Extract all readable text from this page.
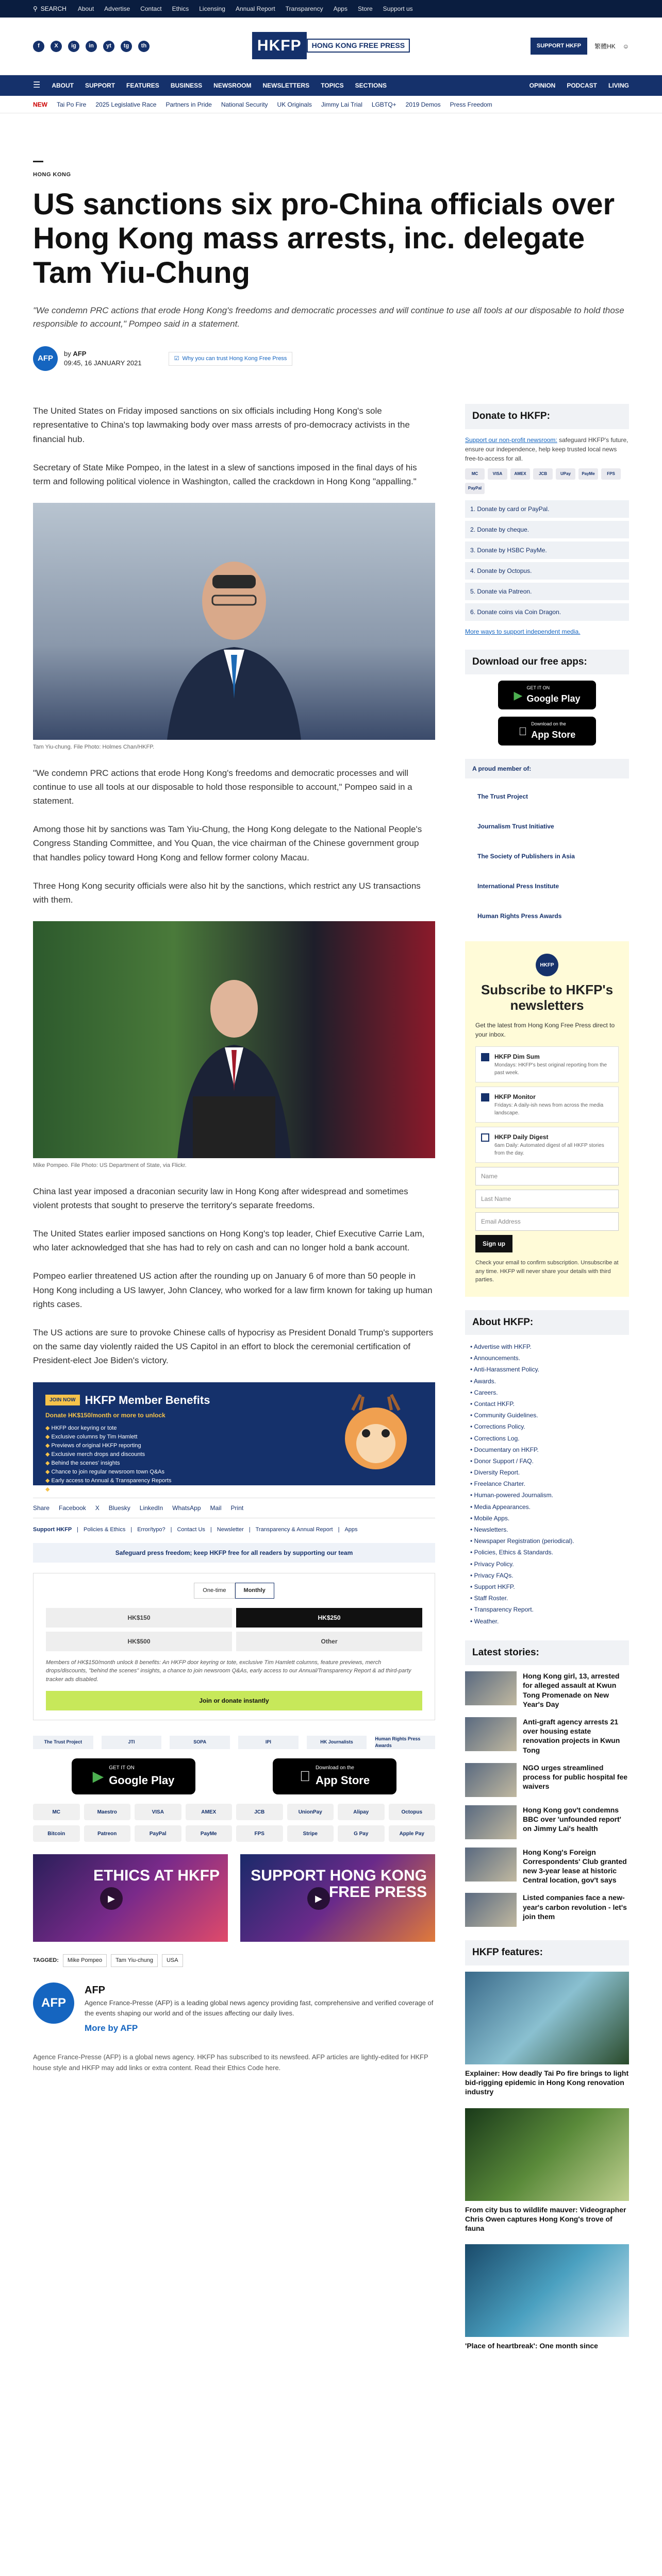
⚲ SEARCH About Advertise Contact Ethics Licensing Annual Report Transparency Apps Store Support us
f	X	ig	in	yt	tg	th	HKFP	HONG KONG FREE PRESS	SUPPORT HKFP	繁體HK ☺
☰ ABOUT SUPPORT FEATURES BUSINESS NEWSROOM NEWSLETTERS TOPICS SECTIONS	OPINION PODCAST LIVING
NEW Tai Po Fire 2025 Legislative Race Partners in Pride National Security UK Originals Jimmy Lai Trial LGBTQ+ 2019 Demos Press Freedom
HONG KONG
US sanctions six pro-China officials over Hong Kong mass arrests, inc. delegate Tam Yiu-Chung

"We condemn PRC actions that erode Hong Kong's freedoms and democratic processes and will continue to use all tools at our disposable to hold those responsible to account," Pompeo said in a statement.

AFP
by AFP
09:45, 16 JANUARY 2021
☑ Why you can trust Hong Kong Free Press

The United States on Friday imposed sanctions on six officials including Hong Kong's sole representative to China's top lawmaking body over mass arrests of pro-democracy activists in the financial hub.

Secretary of State Mike Pompeo, in the latest in a slew of sanctions imposed in the final days of his term and following political violence in Washington, called the crackdown in Hong Kong "appalling."

Tam Yiu-chung. File Photo: Holmes Chan/HKFP.

"We condemn PRC actions that erode Hong Kong's freedoms and democratic processes and will continue to use all tools at our disposable to hold those responsible to account," Pompeo said in a statement.

Among those hit by sanctions was Tam Yiu-Chung, the Hong Kong delegate to the National People's Congress Standing Committee, and You Quan, the vice chairman of the Chinese government group that handles policy toward Hong Kong and fellow former colony Macau.

Three Hong Kong security officials were also hit by the sanctions, which restrict any US transactions with them.

Mike Pompeo. File Photo: US Department of State, via Flickr.

China last year imposed a draconian security law in Hong Kong after widespread and sometimes violent protests that sought to preserve the territory's separate freedoms.

The United States earlier imposed sanctions on Hong Kong's top leader, Chief Executive Carrie Lam, who later acknowledged that she has had to rely on cash and can no longer hold a bank account.

Pompeo earlier threatened US action after the rounding up on January 6 of more than 50 people in Hong Kong including a US lawyer, John Clancey, who worked for a law firm known for taking up human rights cases.

The US actions are sure to provoke Chinese calls of hypocrisy as President Donald Trump's supporters on the same day violently raided the US Capitol in an effort to block the ceremonial certification of President-elect Joe Biden's victory.

JOIN NOW HKFP Member Benefits
Donate HK$150/month or more to unlock
◆ HKFP door keyring or tote
◆ Exclusive columns by Tim Hamlett
◆ Previews of original HKFP reporting
◆ Exclusive merch drops and discounts
◆ Behind the scenes' insights
◆ Chance to join regular newsroom town Q&As
◆ Early access to Annual & Transparency Reports
◆ Ad-free/3rd party tracker free
Share Facebook X Bluesky LinkedIn WhatsApp Mail Print
Support HKFP | Policies & Ethics | Error/typo? | Contact Us | Newsletter | Transparency & Annual Report | Apps
Safeguard press freedom; keep HKFP free for all readers by supporting our team
One-time	Monthly
HK$150	HK$250
HK$500	Other
Members of HK$150/month unlock 8 benefits: An HKFP door keyring or tote, exclusive Tim Hamlett columns, feature previews, merch drops/discounts, "behind the scenes" insights, a chance to join newsroom Q&As, early access to our Annual/Transparency Report & ad third-party tracker ads disabled.
Join or donate instantly
The Trust Project	JTI	SOPA	IPI	HK Journalists
Human Rights Press Awards
▶
GET IT ON
Google Play
Download on the
App Store
MC	Maestro	VISA	AMEX	JCB	UnionPay	Alipay	Octopus
Bitcoin	Patreon	PayPal	PayMe	FPS	Stripe	G Pay	Apple Pay
ETHICS AT HKFP
▶
SUPPORT HONG KONG FREE PRESS
▶
TAGGED:	Mike Pompeo	Tam Yiu-chung	USA
AFP
AFP
Agence France-Presse (AFP) is a leading global news agency providing fast, comprehensive and verified coverage of the events shaping our world and of the issues affecting our daily lives.
More by AFP
Agence France-Presse (AFP) is a global news agency. HKFP has subscribed to its newsfeed. AFP articles are lightly-edited for HKFP house style and HKFP may add links or extra content. Read their Ethics Code here.
Donate to HKFP:

Support our non-profit newsroom: safeguard HKFP's future, ensure our independence, help keep trusted local news free-to-access for all.

MC	VISA	AMEX	JCB	UPay	PayMe	FPS
PayPal
1. Donate by card or PayPal.
2. Donate by cheque.
3. Donate by HSBC PayMe.
4. Donate by Octopus.
5. Donate via Patreon.
6. Donate coins via Coin Dragon.

More ways to support independent media.

Download our free apps:
▶
GET IT ON
Google Play
Download on the
App Store
A proud member of:
The Trust Project
Journalism Trust Initiative
The Society of Publishers in Asia
International Press Institute
Human Rights Press Awards
HKFP
Subscribe to HKFP's newsletters
Get the latest from Hong Kong Free Press direct to your inbox.
HKFP Dim Sum
Mondays: HKFP's best original reporting from the past week.
HKFP Monitor
Fridays: A daily-ish news from across the media landscape.
HKFP Daily Digest
6am Daily: Automated digest of all HKFP stories from the day.
Name
Last Name
Email Address
Sign up
Check your email to confirm subscription. Unsubscribe at any time. HKFP will never share your details with third parties.
About HKFP:
• Advertise with HKFP.
• Announcements.
• Anti-Harassment Policy.
• Awards.
• Careers.
• Contact HKFP.
• Community Guidelines.
• Corrections Policy.
• Corrections Log.
• Documentary on HKFP.
• Donor Support / FAQ.
• Diversity Report.
• Freelance Charter.
• Human-powered Journalism.
• Media Appearances.
• Mobile Apps.
• Newsletters.
• Newspaper Registration (periodical).
• Policies, Ethics & Standards.
• Privacy Policy.
• Privacy FAQs.
• Support HKFP.
• Staff Roster.
• Transparency Report.
• Weather.
Latest stories:
Hong Kong girl, 13, arrested for alleged assault at Kwun Tong Promenade on New Year's Day
Anti-graft agency arrests 21 over housing estate renovation projects in Kwun Tong
NGO urges streamlined process for public hospital fee waivers
Hong Kong gov't condemns BBC over 'unfounded report' on Jimmy Lai's health
Hong Kong's Foreign Correspondents' Club granted new 3-year lease at historic Central location, gov't says
Listed companies face a new-year's carbon revolution - let's join them
HKFP features:
Explainer: How deadly Tai Po fire brings to light bid-rigging epidemic in Hong Kong renovation industry
From city bus to wildlife mauver: Videographer Chris Owen captures Hong Kong's trove of fauna
'Place of heartbreak': One month since
